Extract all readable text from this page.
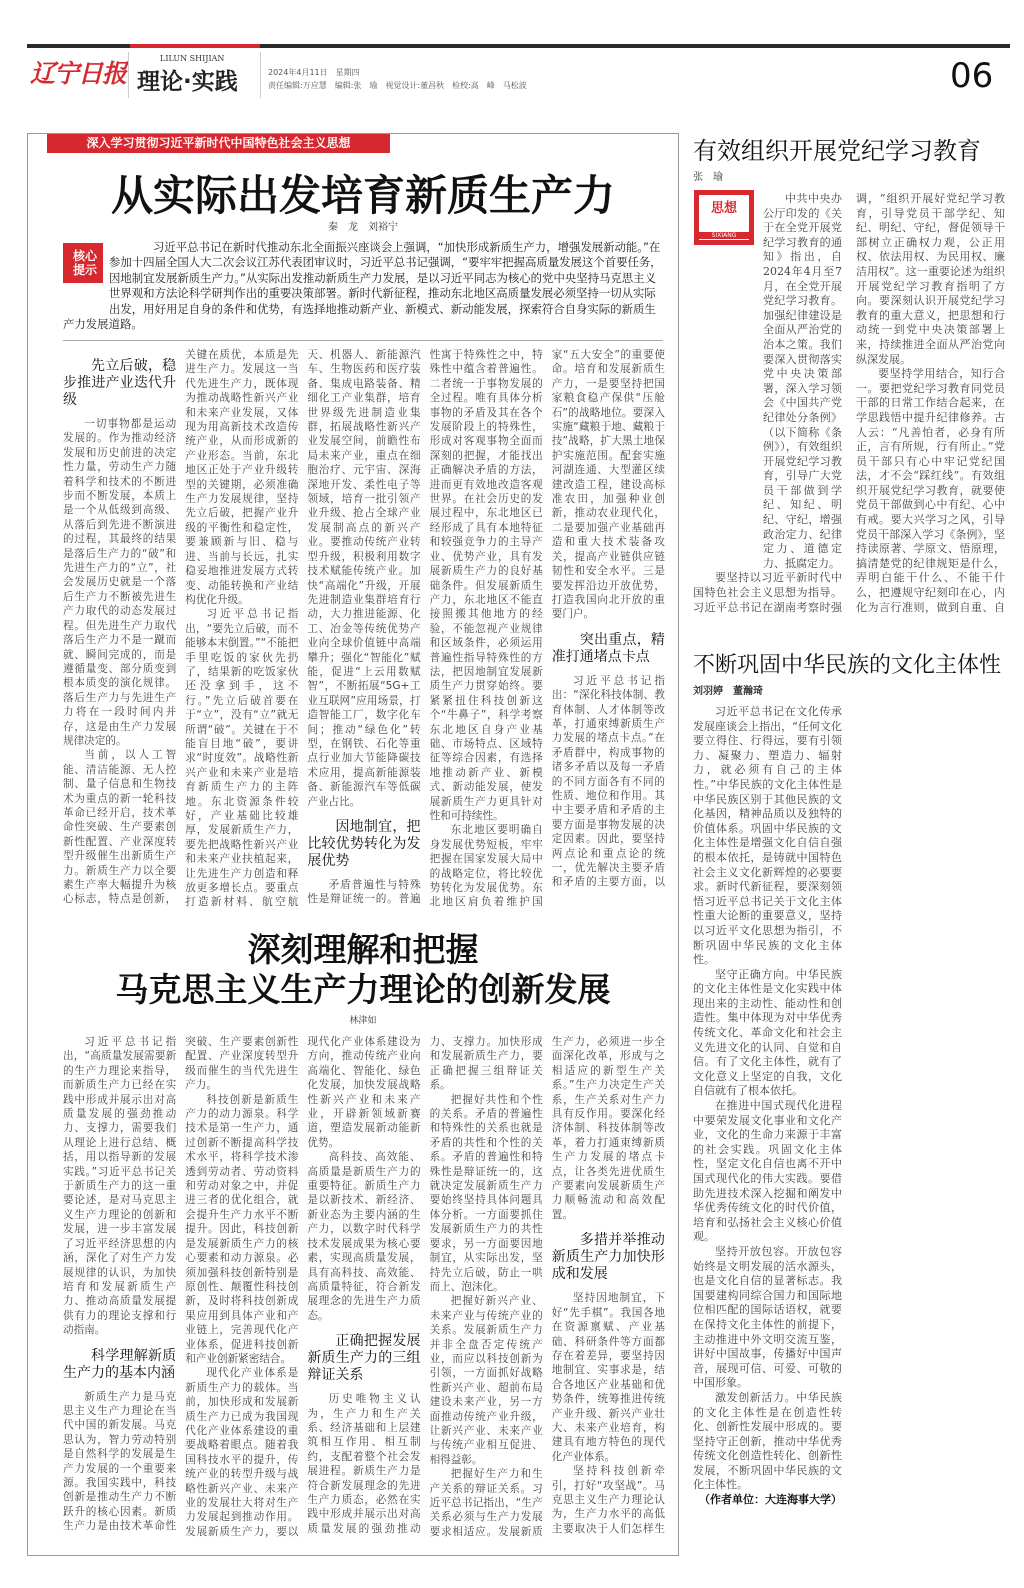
辽宁日报
LILUN SHIJIAN
理论·实践	2024年4月11日　星期四
责任编辑:万应慧　编辑:张　瑜　视觉设计:董昌秋　检校:高　峰　马松波	06
深入学习贯彻习近平新时代中国特色社会主义思想
从实际出发培育新质生产力
秦　龙　刘裕宁
核心提示
习近平总书记在新时代推动东北全面振兴座谈会上强调，“加快形成新质生产力，增强发展新动能。”在参加十四届全国人大二次会议江苏代表团审议时，习近平总书记强调，“要牢牢把握高质量发展这个首要任务，因地制宜发展新质生产力。”从实际出发推动新质生产力发展，是以习近平同志为核心的党中央坚持马克思主义世界观和方法论科学研判作出的重要决策部署。新时代新征程，推动东北地区高质量发展必须坚持一切从实际出发，用好用足自身的条件和优势，有选择地推动新产业、新模式、新动能发展，探索符合自身实际的新质生产力发展道路。
先立后破，稳步推进产业迭代升级

一切事物都是运动发展的。作为推动经济发展和历史前进的决定性力量，劳动生产力随着科学和技术的不断进步而不断发展，本质上是一个从低级到高级、从落后到先进不断演进的过程，其最终的结果是落后生产力的“破”和先进生产力的“立”，社会发展历史就是一个落后生产力不断被先进生产力取代的动态发展过程。但先进生产力取代落后生产力不是一蹴而就、瞬间完成的，而是遵循量变、部分质变到根本质变的演化规律。落后生产力与先进生产力将在一段时间内并存，这是由生产力发展规律决定的。

当前，以人工智能、清洁能源、无人控制、量子信息和生物技术为重点的新一轮科技革命已经开启，技术革命性突破、生产要素创新性配置、产业深度转型升级催生出新质生产力。新质生产力以全要素生产率大幅提升为核心标志，特点是创新，关键在质优，本质是先进生产力。发展这一当代先进生产力，既体现为推动战略性新兴产业和未来产业发展，又体现为用高新技术改造传统产业，从而形成新的产业形态。当前，东北地区正处于产业升级转型的关键期，必须准确生产力发展规律，坚持先立后破，把握产业升级的平衡性和稳定性，要兼顾新与旧、稳与进、当前与长远，扎实稳妥地推进发展方式转变、动能转换和产业结构优化升级。

习近平总书记指出，“要先立后破，而不能够本末倒置。”“不能把手里吃饭的家伙先扔了，结果新的吃饭家伙还没拿到手，这不行。”先立后破首要在于“立”，没有“立”就无所谓“破”。关键在于不能盲目地“破”，要讲求“时度效”。战略性新兴产业和未来产业是培育新质生产力的主阵地。东北资源条件较好，产业基础比较雄厚，发展新质生产力，要先把战略性新兴产业和未来产业扶植起来，让先进生产力创造和释放更多增长点。要重点打造新材料、航空航天、机器人、新能源汽车、生物医药和医疗装备、集成电路装备、精细化工产业集群，培育世界级先进制造业集群，拓展战略性新兴产业发展空间，前瞻性布局未来产业，重点在细胞治疗、元宇宙、深海深地开发、柔性电子等领域，培育一批引领产业升级、抢占全球产业发展制高点的新兴产业。要推动传统产业转型升级，积极利用数字技术赋能传统产业。加快“高端化”升级，开展先进制造业集群培育行动，大力推进能源、化工、冶金等传统优势产业向全球价值链中高端攀升；强化“智能化”赋能，促进“上云用数赋智”，不断拓展“5G+工业互联网”应用场景，打造智能工厂，数字化车间；推动“绿色化”转型，在钢铁、石化等重点行业加大节能降碳技术应用，提高新能源装备、新能源汽车等低碳产业占比。

因地制宜，把比较优势转化为发展优势

矛盾普遍性与特殊性是辩证统一的。普遍性寓于特殊性之中，特殊性中蕴含着普遍性。二者统一于事物发展的全过程。唯有具体分析事物的矛盾及其在各个发展阶段上的特殊性，形成对客观事物全面而深刻的把握，才能找出正确解决矛盾的方法，进而更有效地改造客观世界。在社会历史的发展过程中，东北地区已经形成了具有本地特征和较强竞争力的主导产业、优势产业，具有发展新质生产力的良好基础条件。但发展新质生产力，东北地区不能直接照搬其他地方的经验，不能忽视产业规律和区域条件，必须运用普遍性指导特殊性的方法，把因地制宜发展新质生产力贯穿始终。要紧紧扭住科技创新这个“牛鼻子”，科学考察东北地区自身产业基础、市场特点、区域特征等综合因素，有选择地推动新产业、新模式、新动能发展，使发展新质生产力更具针对性和可持续性。

东北地区要明确自身发展优势短板，牢牢把握在国家发展大局中的战略定位，将比较优势转化为发展优势。东北地区肩负着维护国家“五大安全”的重要使命。培育和发展新质生产力，一是要坚持把国家粮食稳产保供“压舱石”的战略地位。要深入实施“藏粮于地、藏粮于技”战略，扩大黑土地保护实施范围。配套实施河湖连通、大型灌区续建改造工程，建设高标准农田，加强种业创新，推动农业现代化，二是要加强产业基础再造和重大技术装备攻关，提高产业链供应链韧性和安全水平。三是要发挥沿边开放优势，打造我国向北开放的重要门户。

突出重点，精准打通堵点卡点

习近平总书记指出：“深化科技体制、教育体制、人才体制等改革，打通束缚新质生产力发展的堵点卡点。”在矛盾群中，构成事物的诸多矛盾以及每一矛盾的不同方面各有不同的性质、地位和作用。其中主要矛盾和矛盾的主要方面是事物发展的决定因素。因此，要坚持两点论和重点论的统一，优先解决主要矛盾和矛盾的主要方面，以

深刻理解和把握
马克思主义生产力理论的创新发展
林津如

习近平总书记指出，“高质量发展需要新的生产力理论来指导，而新质生产力已经在实践中形成并展示出对高质量发展的强劲推动力、支撑力，需要我们从理论上进行总结、概括，用以指导新的发展实践。”习近平总书记关于新质生产力的这一重要论述，是对马克思主义生产力理论的创新和发展，进一步丰富发展了习近平经济思想的内涵，深化了对生产力发展规律的认识，为加快培育和发展新质生产力、推动高质量发展提供有力的理论支撑和行动指南。

科学理解新质生产力的基本内涵

新质生产力是马克思主义生产力理论在当代中国的新发展。马克思认为，智力劳动特别是自然科学的发展是生产力发展的一个重要来源。我国实践中，科技创新是推动生产力不断跃升的核心因素。新质生产力是由技术革命性突破、生产要素创新性配置、产业深度转型升级而催生的当代先进生产力。

科技创新是新质生产力的动力源泉。科学技术是第一生产力，通过创新不断提高科学技术水平，将科学技术渗透到劳动者、劳动资料和劳动对象之中，并促进三者的优化组合，就会提升生产力水平不断提升。因此，科技创新是发展新质生产力的核心要素和动力源泉。必须加强科技创新特别是原创性、颠覆性科技创新，及时将科技创新成果应用到具体产业和产业链上，完善现代化产业体系，促进科技创新和产业创新紧密结合。

现代化产业体系是新质生产力的载体。当前，加快形成和发展新质生产力已成为我国现代化产业体系建设的重要战略着眼点。随着我国科技水平的提升，传统产业的转型升级与战略性新兴产业、未来产业的发展壮大将对生产力发展起到推动作用。发展新质生产力，要以现代化产业体系建设为方向，推动传统产业向高端化、智能化、绿色化发展，加快发展战略性新兴产业和未来产业，开辟新领域新赛道，塑造发展新动能新优势。

高科技、高效能、高质量是新质生产力的重要特征。新质生产力是以新技术、新经济、新业态为主要内涵的生产力，以数字时代科学技术发展成果为核心要素，实现高质量发展，具有高科技、高效能、高质量特征，符合新发展理念的先进生产力质态。

正确把握发展新质生产力的三组辩证关系

历史唯物主义认为，生产力和生产关系、经济基础和上层建筑相互作用、相互制约，支配着整个社会发展进程。新质生产力是符合新发展理念的先进生产力质态，必然在实践中形成并展示出对高质量发展的强劲推动力、支撑力。加快形成和发展新质生产力，要正确把握三组辩证关系。

把握好共性和个性的关系。矛盾的普遍性和特殊性的关系也就是矛盾的共性和个性的关系。矛盾的普遍性和特殊性是辩证统一的，这就决定发展新质生产力要始终坚持具体问题具体分析。一方面要抓住发展新质生产力的共性要求，另一方面要因地制宜，从实际出发，坚持先立后破，防止一哄而上、泡沫化。

把握好新兴产业、未来产业与传统产业的关系。发展新质生产力并非全盘否定传统产业，而应以科技创新为引领，一方面抓好战略性新兴产业、超前布局建设未来产业，另一方面推动传统产业升级，让新兴产业、未来产业与传统产业相互促进、相得益彰。

把握好生产力和生产关系的辩证关系。习近平总书记指出，“生产关系必须与生产力发展要求相适应。发展新质生产力，必须进一步全面深化改革，形成与之相适应的新型生产关系。”生产力决定生产关系，生产关系对生产力具有反作用。要深化经济体制、科技体制等改革，着力打通束缚新质生产力发展的堵点卡点，让各类先进优质生产要素向发展新质生产力顺畅流动和高效配置。

多措并举推动新质生产力加快形成和发展

坚持因地制宜，下好“先手棋”。我国各地在资源禀赋、产业基础、科研条件等方面都存在着差异，要坚持因地制宜、实事求是，结合各地区产业基础和优势条件，统筹推进传统产业升级、新兴产业壮大、未来产业培育，构建具有地方特色的现代化产业体系。

坚持科技创新牵引，打好“攻坚战”。马克思主义生产力理论认为，生产力水平的高低主要取决于人们怎样生

有效组织开展党纪学习教育
张　瑜
思想
SIXIANG

中共中央办公厅印发的《关于在全党开展党纪学习教育的通知》指出，自2024年4月至7月，在全党开展党纪学习教育。加强纪律建设是全面从严治党的治本之策。我们要深入贯彻落实党中央决策部署，深入学习领会《中国共产党纪律处分条例》（以下简称《条例》），有效组织开展党纪学习教育，引导广大党员干部做到学纪、知纪、明纪、守纪，增强政治定力、纪律定力、道德定力、抵腐定力。

要坚持以习近平新时代中国特色社会主义思想为指导。习近平总书记在湖南考察时强调，“组织开展好党纪学习教育，引导党员干部学纪、知纪、明纪、守纪，督促领导干部树立正确权力观，公正用权、依法用权、为民用权、廉洁用权”。这一重要论述为组织开展党纪学习教育指明了方向。要深刻认识开展党纪学习教育的重大意义，把思想和行动统一到党中央决策部署上来，持续推进全面从严治党向纵深发展。

要坚持学用结合，知行合一。要把党纪学习教育同党员干部的日常工作结合起来，在学思践悟中提升纪律修养。古人云：“凡善怕者，必身有所正，言有所规，行有所止。”党员干部只有心中牢记党纪国法，才不会“踩红线”。有效组织开展党纪学习教育，就要使党员干部做到心中有纪、心中有戒。要大兴学习之风，引导党员干部深入学习《条例》，坚持读原著、学原文、悟原理，搞清楚党的纪律规矩是什么，弄明白能干什么、不能干什么，把遵规守纪刻印在心，内化为言行准则，做到自重、自

不断巩固中华民族的文化主体性
刘羽婷　董瀚琦

习近平总书记在文化传承发展座谈会上指出，“任何文化要立得住、行得远，要有引领力、凝聚力、塑造力、辐射力，就必须有自己的主体性。”中华民族的文化主体性是中华民族区别于其他民族的文化基因，精神品质以及独特的价值体系。巩固中华民族的文化主体性是增强文化自信自强的根本依托，是铸就中国特色社会主义文化新辉煌的必要要求。新时代新征程，要深刻领悟习近平总书记关于文化主体性重大论断的重要意义，坚持以习近平文化思想为指引，不断巩固中华民族的文化主体性。

坚守正确方向。中华民族的文化主体性是文化实践中体现出来的主动性、能动性和创造性。集中体现为对中华优秀传统文化、革命文化和社会主义先进文化的认同、自觉和自信。有了文化主体性，就有了文化意义上坚定的自我，文化自信就有了根本依托。

在推进中国式现代化进程中要荣发展文化事业和文化产业，文化的生命力来源于丰富的社会实践。巩固文化主体性，坚定文化自信也离不开中国式现代化的伟大实践。要借助先进技术深入挖掘和阐发中华优秀传统文化的时代价值，培育和弘扬社会主义核心价值观。

坚持开放包容。开放包容始终是文明发展的活水源头，也是文化自信的显著标志。我国要建构同综合国力和国际地位相匹配的国际话语权，就要在保持文化主体性的前提下，主动推进中外文明交流互鉴，讲好中国故事，传播好中国声音，展现可信、可爱、可敬的中国形象。

激发创新活力。中华民族的文化主体性是在创造性转化、创新性发展中形成的。要坚持守正创新，推动中华优秀传统文化创造性转化、创新性发展，不断巩固中华民族的文化主体性。

（作者单位：大连海事大学）
